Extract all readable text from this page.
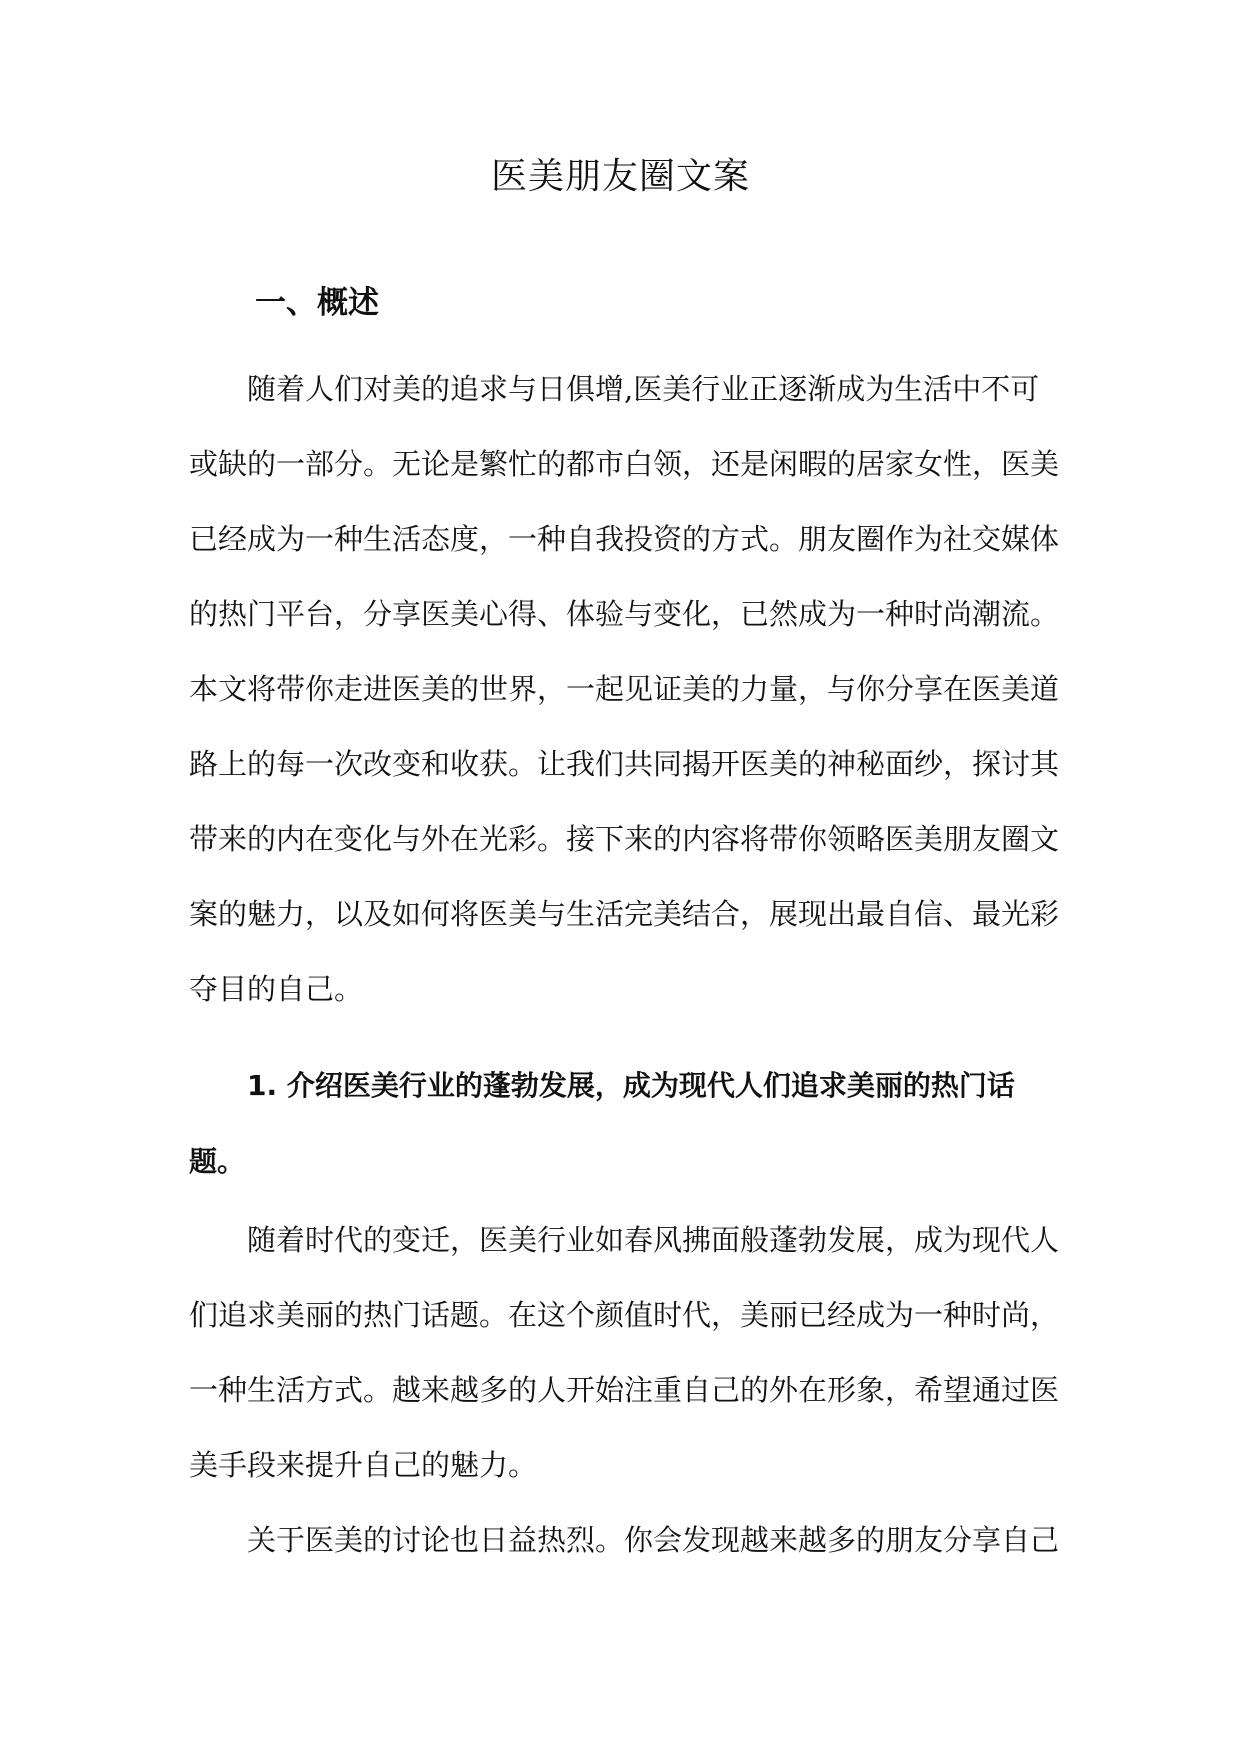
医美朋友圈文案
一、概述

随着人们对美的追求与日俱增,医美行业正逐渐成为生活中不可
或缺的一部分。无论是繁忙的都市白领，还是闲暇的居家女性，医美
已经成为一种生活态度，一种自我投资的方式。朋友圈作为社交媒体
的热门平台，分享医美心得、体验与变化，已然成为一种时尚潮流。
本文将带你走进医美的世界，一起见证美的力量，与你分享在医美道
路上的每一次改变和收获。让我们共同揭开医美的神秘面纱，探讨其
带来的内在变化与外在光彩。接下来的内容将带你领略医美朋友圈文
案的魅力，以及如何将医美与生活完美结合，展现出最自信、最光彩
夺目的自己。

1. 介绍医美行业的蓬勃发展，成为现代人们追求美丽的热门话
题。

随着时代的变迁，医美行业如春风拂面般蓬勃发展，成为现代人
们追求美丽的热门话题。在这个颜值时代，美丽已经成为一种时尚，
一种生活方式。越来越多的人开始注重自己的外在形象，希望通过医
美手段来提升自己的魅力。

关于医美的讨论也日益热烈。你会发现越来越多的朋友分享自己
